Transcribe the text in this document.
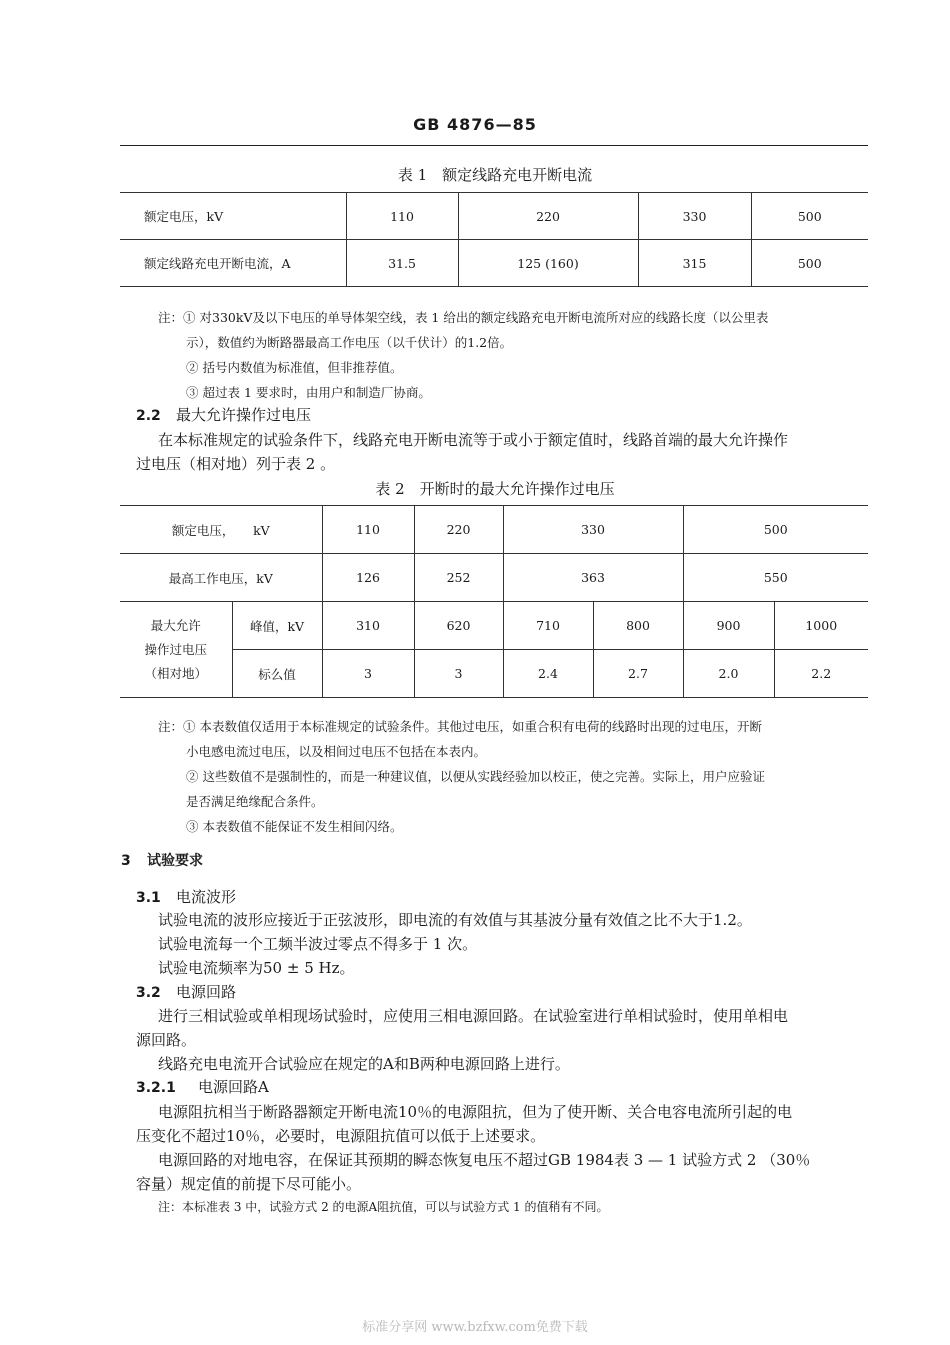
GB 4876—85
表 1　额定线路充电开断电流
额定电压，kV	110	220	330	500
额定线路充电开断电流，A	31.5	125 (160)	315	500
注：① 对330kV及以下电压的单导体架空线，表 1 给出的额定线路充电开断电流所对应的线路长度（以公里表
示），数值约为断路器最高工作电压（以千伏计）的1.2倍。
② 括号内数值为标准值，但非推荐值。
③ 超过表 1 要求时，由用户和制造厂协商。
2.2 最大允许操作过电压
在本标准规定的试验条件下，线路充电开断电流等于或小于额定值时，线路首端的最大允许操作
过电压（相对地）列于表 2 。
表 2　开断时的最大允许操作过电压
额定电压，　　kV		110	220	330		500	
最高工作电压，kV		126	252	363		550	

最大允许
操作过电压
（相对地）	峰值，kV	310	620	710	800	900	1000
	标么值	3	3	2.4	2.7	2.0	2.2
注：① 本表数值仅适用于本标准规定的试验条件。其他过电压，如重合积有电荷的线路时出现的过电压，开断
小电感电流过电压，以及相间过电压不包括在本表内。
② 这些数值不是强制性的，而是一种建议值，以便从实践经验加以校正，使之完善。实际上，用户应验证
是否满足绝缘配合条件。
③ 本表数值不能保证不发生相间闪络。
3 试验要求
3.1 电流波形
试验电流的波形应接近于正弦波形，即电流的有效值与其基波分量有效值之比不大于1.2。
试验电流每一个工频半波过零点不得多于 1 次。
试验电流频率为50 ± 5 Hz。
3.2 电源回路
进行三相试验或单相现场试验时，应使用三相电源回路。在试验室进行单相试验时，使用单相电
源回路。
线路充电电流开合试验应在规定的A和B两种电源回路上进行。
3.2.1 电源回路A
电源阻抗相当于断路器额定开断电流10％的电源阻抗，但为了使开断、关合电容电流所引起的电
压变化不超过10％，必要时，电源阻抗值可以低于上述要求。
电源回路的对地电容，在保证其预期的瞬态恢复电压不超过GB 1984表 3 — 1 试验方式 2 （30％
容量）规定值的前提下尽可能小。
注：本标准表 3 中，试验方式 2 的电源A阻抗值，可以与试验方式 1 的值稍有不同。
标准分享网 www.bzfxw.com免费下载
